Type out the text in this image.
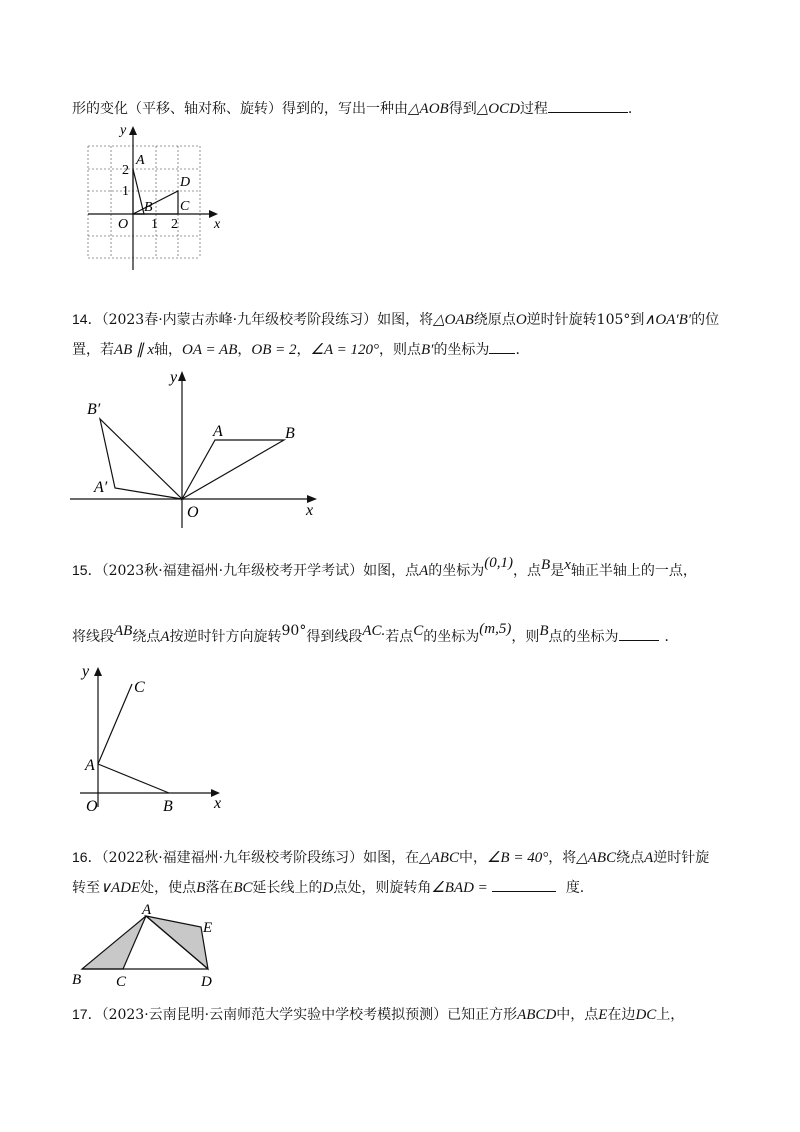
形的变化（平移、轴对称、旋转）得到的，写出一种由△AOB得到△OCD过程	.
y
x
O
A
B C
D
1 2
1
2
14．（2023春·内蒙古赤峰·九年级校考阶段练习）如图，将△OAB绕原点O逆时针旋转105°到∧OA′B′的位
置，若AB ∥ x轴，OA = AB，OB = 2，∠A = 120°，则点B′的坐标为 .
y
x
O
A	B
A′
B′
15．（2023秋·福建福州·九年级校考开学考试）如图，点A的坐标为(0,1)，点B是x轴正半轴上的一点，
将线段AB绕点A按逆时针方向旋转90°得到线段AC.若点C的坐标为(m,5)，则B点的坐标为	．
y
x
O
A
B
C
16．（2022秋·福建福州·九年级校考阶段练习）如图，在△ABC中，∠B = 40°，将△ABC绕点A逆时针旋
转至∨ADE处，使点B落在BC延长线上的D点处，则旋转角∠BAD =	度.
A
B C	D
E
17．（2023·云南昆明·云南师范大学实验中学校考模拟预测）已知正方形ABCD中，点E在边DC上，
